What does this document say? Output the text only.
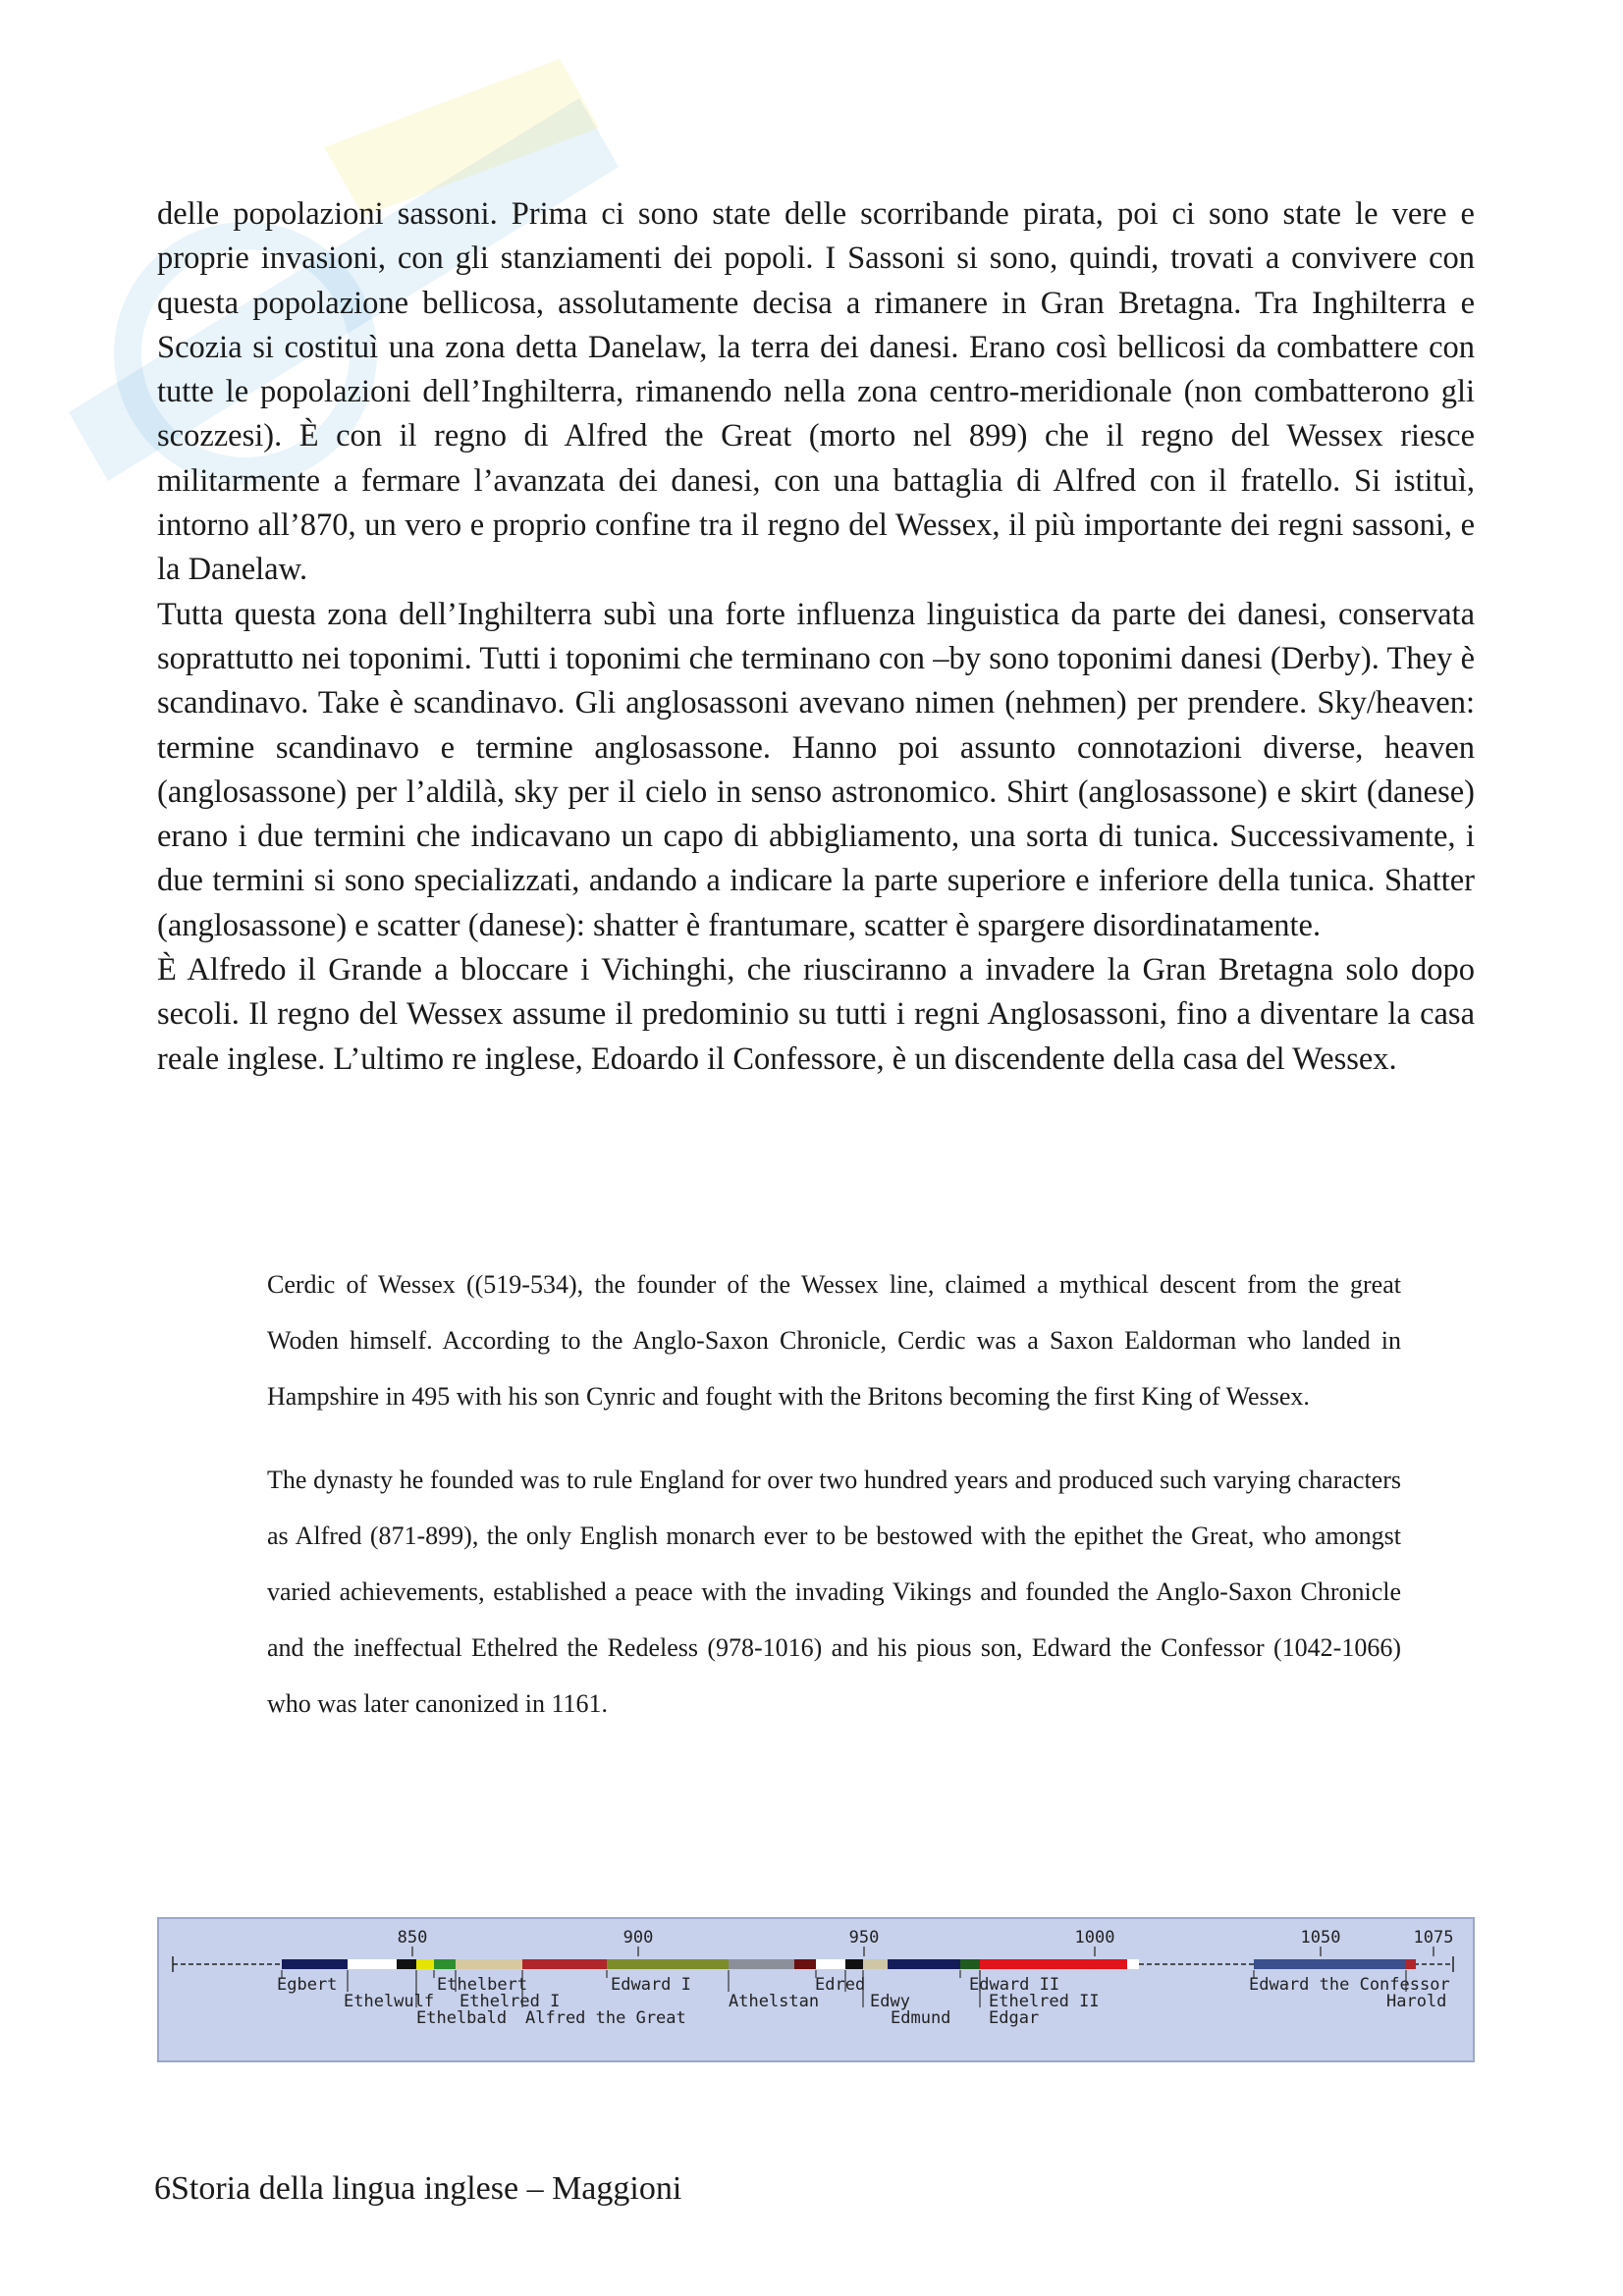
delle popolazioni sassoni. Prima ci sono state delle scorribande pirata, poi ci sono state le vere e proprie invasioni, con gli stanziamenti dei popoli. I Sassoni si sono, quindi, trovati a convivere con questa popolazione bellicosa, assolutamente decisa a rimanere in Gran Bretagna. Tra Inghilterra e Scozia si costituì una zona detta Danelaw, la terra dei danesi. Erano così bellicosi da combattere con tutte le popolazioni dell’Inghilterra, rimanendo nella zona centro-meridionale (non combatterono gli scozzesi). È con il regno di Alfred the Great (morto nel 899) che il regno del Wessex riesce militarmente a fermare l’avanzata dei danesi, con una battaglia di Alfred con il fratello. Si istituì, intorno all’870, un vero e proprio confine tra il regno del Wessex, il più importante dei regni sassoni, e la Danelaw.

Tutta questa zona dell’Inghilterra subì una forte influenza linguistica da parte dei danesi, conservata soprattutto nei toponimi. Tutti i toponimi che terminano con –by sono toponimi danesi (Derby). They è scandinavo. Take è scandinavo. Gli anglosassoni avevano nimen (nehmen) per prendere. Sky/heaven: termine scandinavo e termine anglosassone. Hanno poi assunto connotazioni diverse, heaven (anglosassone) per l’aldilà, sky per il cielo in senso astronomico. Shirt (anglosassone) e skirt (danese) erano i due termini che indicavano un capo di abbigliamento, una sorta di tunica. Successivamente, i due termini si sono specializzati, andando a indicare la parte superiore e inferiore della tunica. Shatter (anglosassone) e scatter (danese): shatter è frantumare, scatter è spargere disordinatamente.

È Alfredo il Grande a bloccare i Vichinghi, che riusciranno a invadere la Gran Bretagna solo dopo secoli. Il regno del Wessex assume il predominio su tutti i regni Anglosassoni, fino a diventare la casa reale inglese. L’ultimo re inglese, Edoardo il Confessore, è un discendente della casa del Wessex.

Cerdic of Wessex ((519-534), the founder of the Wessex line, claimed a mythical descent from the great Woden himself. According to the Anglo-Saxon Chronicle, Cerdic was a Saxon Ealdorman who landed in Hampshire in 495 with his son Cynric and fought with the Britons becoming the first King of Wessex.

The dynasty he founded was to rule England for over two hundred years and produced such varying characters as Alfred (871-899), the only English monarch ever to be bestowed with the epithet the Great, who amongst varied achievements, established a peace with the invading Vikings and founded the Anglo-Saxon Chronicle and the ineffectual Ethelred the Redeless (978-1016) and his pious son, Edward the Confessor (1042-1066) who was later canonized in 1161.

850	900	950	1000	1050	1075
Egbert	Ethelbert	Edward I	Edred	Edward II	Edward the Confessor
Ethelwulf Ethelred I	Athelstan	Edwy	Ethelred II	Harold
Ethelbald Alfred the Great	Edmund Edgar
6Storia della lingua inglese – Maggioni
